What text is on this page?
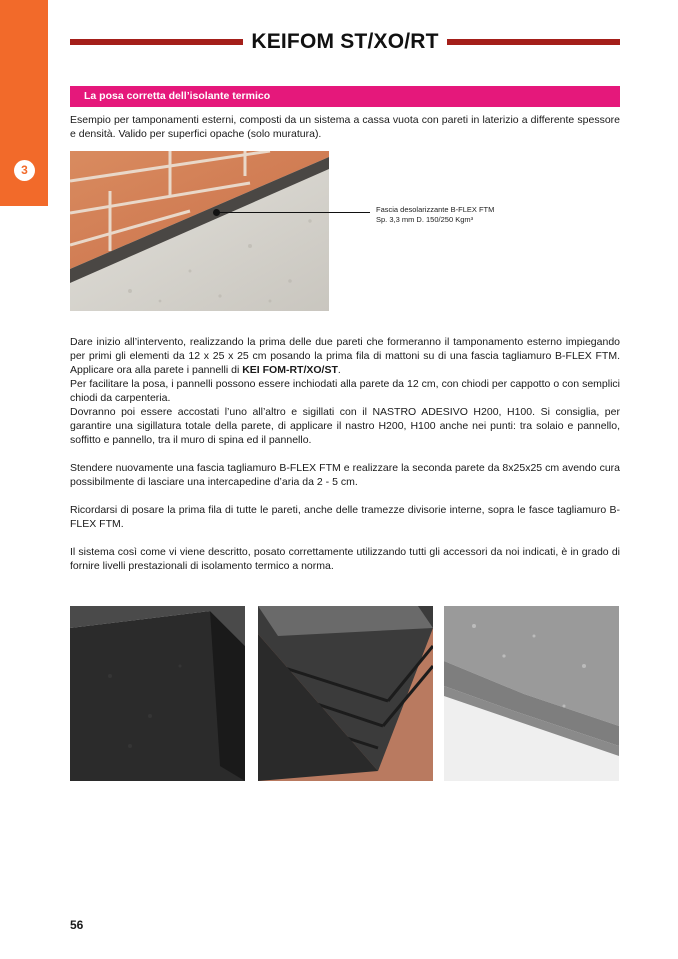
3
KEIFOM ST/XO/RT
La posa corretta dell’isolante termico

Esempio per tamponamenti esterni, composti da un sistema a cassa vuota con pareti in laterizio a differente spessore e densità. Valido per superfici opache (solo muratura).

Fascia desolarizzante B-FLEX FTM
Sp. 3,3 mm D. 150/250 Kgm³

Dare inizio all’intervento, realizzando la prima delle due pareti che formeranno il tamponamento esterno impiegando per primi gli elementi da 12 x 25 x 25 cm posando la prima fila di mattoni su di una fascia tagliamuro B-FLEX FTM. Applicare ora alla parete i pannelli di KEI FOM-RT/XO/ST.

Per facilitare la posa, i pannelli possono essere inchiodati alla parete da 12 cm, con chiodi per cappotto o con semplici chiodi da carpenteria.

Dovranno poi essere accostati l’uno all’altro e sigillati con il NASTRO ADESIVO H200, H100. Si consiglia, per garantire una sigillatura totale della parete, di applicare il nastro H200, H100 anche nei punti: tra solaio e pannello, soffitto e pannello, tra il muro di spina ed il pannello.

Stendere nuovamente una fascia tagliamuro B-FLEX FTM e realizzare la seconda parete da 8x25x25 cm avendo cura possibilmente di lasciare una intercapedine d’aria da 2 - 5 cm.

Ricordarsi di posare la prima fila di tutte le pareti, anche delle tramezze divisorie interne, sopra le fasce tagliamuro B-FLEX FTM.

Il sistema così come vi viene descritto, posato correttamente utilizzando tutti gli accessori da noi indicati, è in grado di fornire livelli prestazionali di isolamento termico a norma.

56
